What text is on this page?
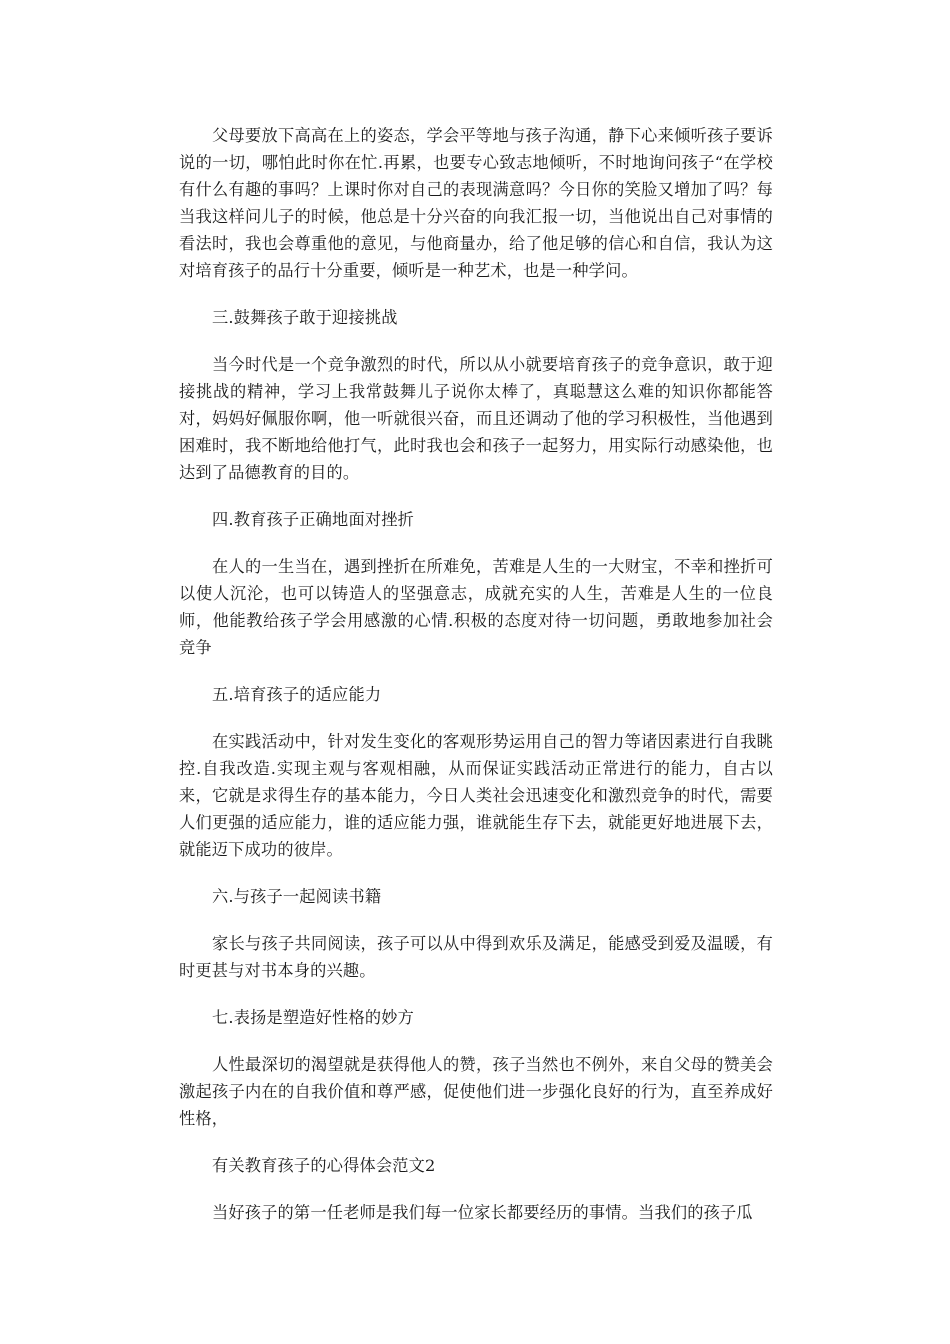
父母要放下高高在上的姿态，学会平等地与孩子沟通，静下心来倾听孩子要诉说的一切，哪怕此时你在忙.再累，也要专心致志地倾听，不时地询问孩子“在学校有什么有趣的事吗？上课时你对自己的表现满意吗？今日你的笑脸又增加了吗？每当我这样问儿子的时候，他总是十分兴奋的向我汇报一切，当他说出自己对事情的看法时，我也会尊重他的意见，与他商量办，给了他足够的信心和自信，我认为这对培育孩子的品行十分重要，倾听是一种艺术，也是一种学问。

三.鼓舞孩子敢于迎接挑战

当今时代是一个竞争激烈的时代，所以从小就要培育孩子的竞争意识，敢于迎接挑战的精神，学习上我常鼓舞儿子说你太棒了，真聪慧这么难的知识你都能答对，妈妈好佩服你啊，他一听就很兴奋，而且还调动了他的学习积极性，当他遇到困难时，我不断地给他打气，此时我也会和孩子一起努力，用实际行动感染他，也达到了品德教育的目的。

四.教育孩子正确地面对挫折

在人的一生当在，遇到挫折在所难免，苦难是人生的一大财宝，不幸和挫折可以使人沉沦，也可以铸造人的坚强意志，成就充实的人生，苦难是人生的一位良师，他能教给孩子学会用感激的心情.积极的态度对待一切问题，勇敢地参加社会竞争

五.培育孩子的适应能力

在实践活动中，针对发生变化的客观形势运用自己的智力等诸因素进行自我眺控.自我改造.实现主观与客观相融，从而保证实践活动正常进行的能力，自古以来，它就是求得生存的基本能力，今日人类社会迅速变化和激烈竞争的时代，需要人们更强的适应能力，谁的适应能力强，谁就能生存下去，就能更好地进展下去，就能迈下成功的彼岸。

六.与孩子一起阅读书籍

家长与孩子共同阅读，孩子可以从中得到欢乐及满足，能感受到爱及温暖，有时更甚与对书本身的兴趣。

七.表扬是塑造好性格的妙方

人性最深切的渴望就是获得他人的赞，孩子当然也不例外，来自父母的赞美会激起孩子内在的自我价值和尊严感，促使他们进一步强化良好的行为，直至养成好性格，

有关教育孩子的心得体会范文2

当好孩子的第一任老师是我们每一位家长都要经历的事情。当我们的孩子瓜
